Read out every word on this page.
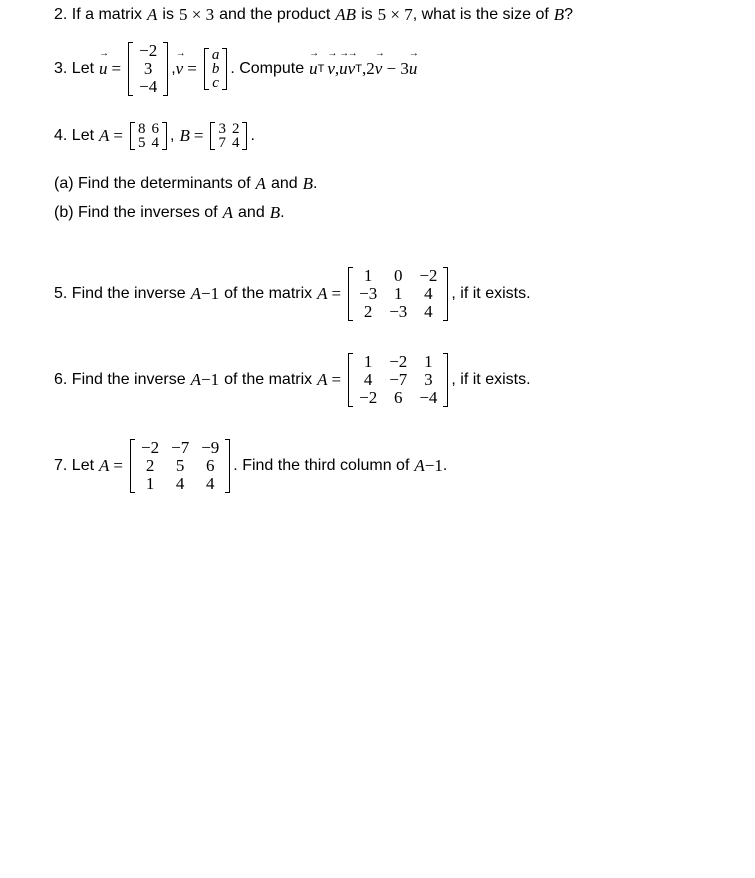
2. If a matrix A is 5 × 3 and the product AB is 5 × 7 , what is the size of B ?
3. Let → u =
−2
3
−4
, → v =
a
b
c
. Compute → u T → v , → u → v T , 2 → v − 3 → u
4. Let A = 8	6
5	4 , B = 3	2
7	4 .
(a) Find the determinants of A and B .
(b) Find the inverses of A and B .
5. Find the inverse A −1 of the matrix A =
1	0	−2
−3	1	4
2	−3	4
, if it exists.
6. Find the inverse A −1 of the matrix A =
1	−2	1
4	−7	3
−2	6	−4
, if it exists.
7. Let A =
−2	−7	−9
2	5	6
1	4	4
. Find the third column of A −1 .
